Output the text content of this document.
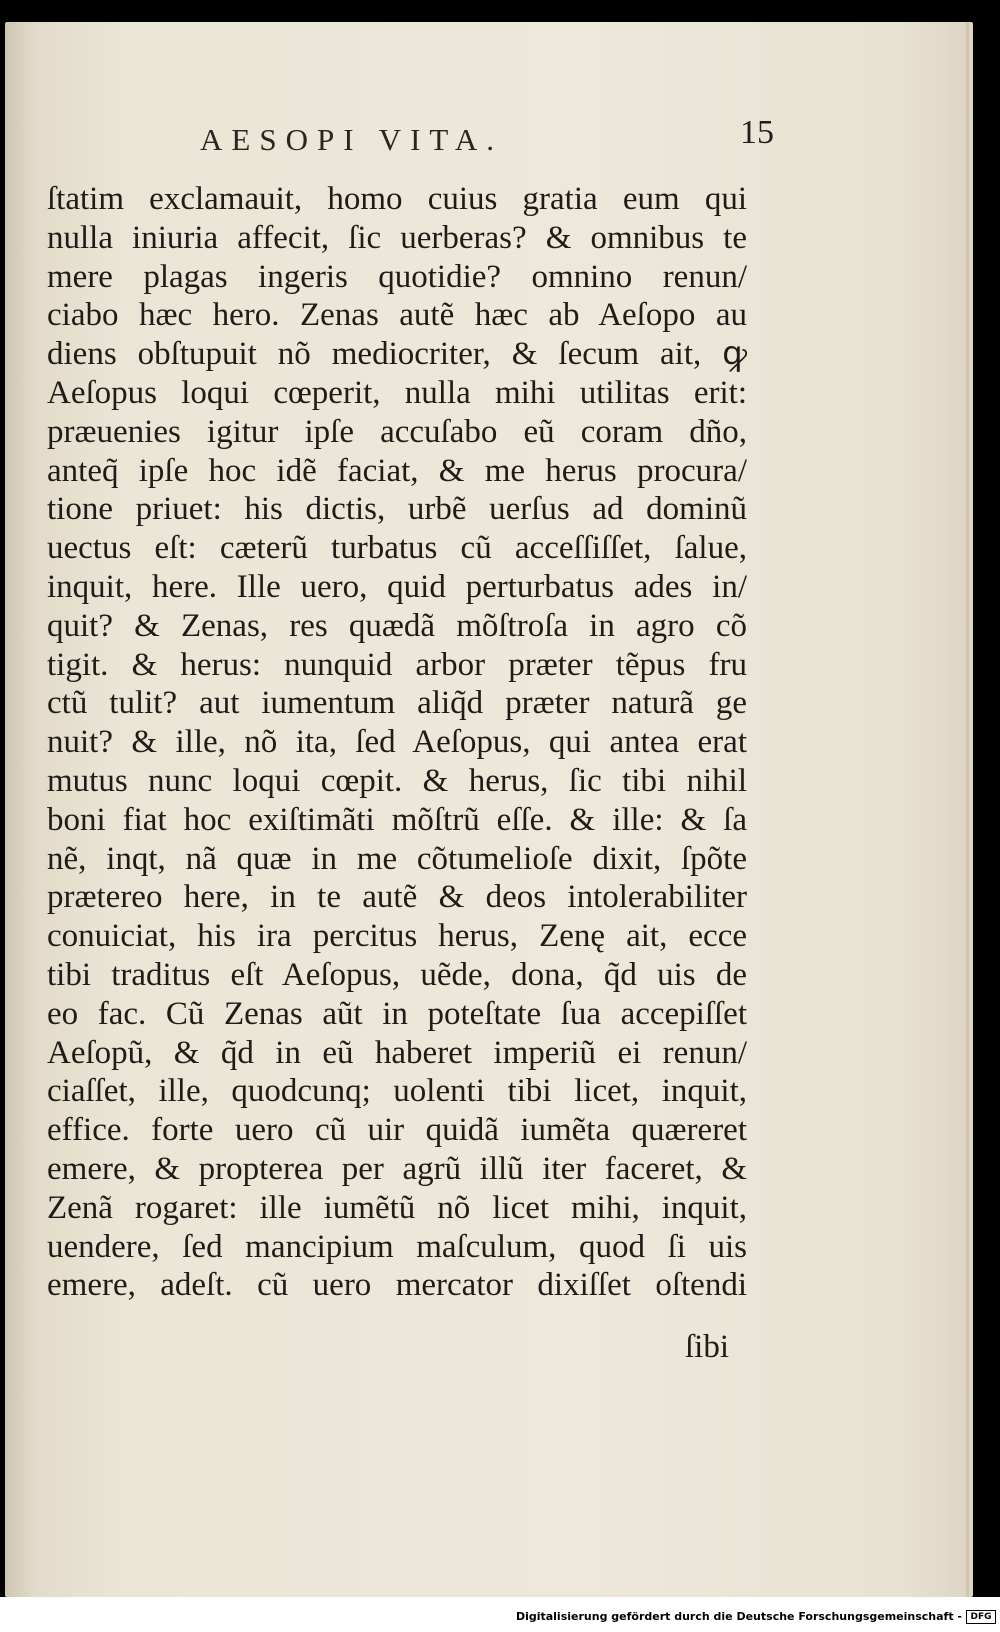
AESOPI VITA.	15
ſtatim exclamauit, homo cuius gratia eum qui
nulla iniuria affecit, ſic uerberas? & omnibus te
mere plagas ingeris quotidie? omnino renun/
ciabo hæc hero. Zenas autẽ hæc ab Aeſopo au
diens obſtupuit nõ mediocriter, & ſecum ait, ꝙ
Aeſopus loqui cœperit, nulla mihi utilitas erit:
præuenies igitur ipſe accuſabo eũ coram dño,
anteq̃ ipſe hoc idẽ faciat, & me herus procura/
tione priuet: his dictis, urbẽ uerſus ad dominũ
uectus eſt: cæterũ turbatus cũ acceſſiſſet, ſalue,
inquit, here. Ille uero, quid perturbatus ades in/
quit? & Zenas, res quædã mõſtroſa in agro cõ
tigit. & herus: nunquid arbor præter tẽpus fru
ctũ tulit? aut iumentum aliq̃d præter naturã ge
nuit? & ille, nõ ita, ſed Aeſopus, qui antea erat
mutus nunc loqui cœpit. & herus, ſic tibi nihil
boni fiat hoc exiſtimãti mõſtrũ eſſe. & ille: & ſa
nẽ, inqt, nã quæ in me cõtumelioſe dixit, ſpõte
prætereo here, in te autẽ & deos intolerabiliter
conuiciat, his ira percitus herus, Zenę ait, ecce
tibi traditus eſt Aeſopus, uẽde, dona, q̃d uis de
eo fac. Cũ Zenas aũt in poteſtate ſua accepiſſet
Aeſopũ, & q̃d in eũ haberet imperiũ ei renun/
ciaſſet, ille, quodcunq; uolenti tibi licet, inquit,
effice. forte uero cũ uir quidã iumẽta quæreret
emere, & propterea per agrũ illũ iter faceret, &
Zenã rogaret: ille iumẽtũ nõ licet mihi, inquit,
uendere, ſed mancipium maſculum, quod ſi uis
emere, adeſt. cũ uero mercator dixiſſet oſtendi
ſibi
Digitalisierung gefördert durch die Deutsche Forschungsgemeinschaft - DFG
